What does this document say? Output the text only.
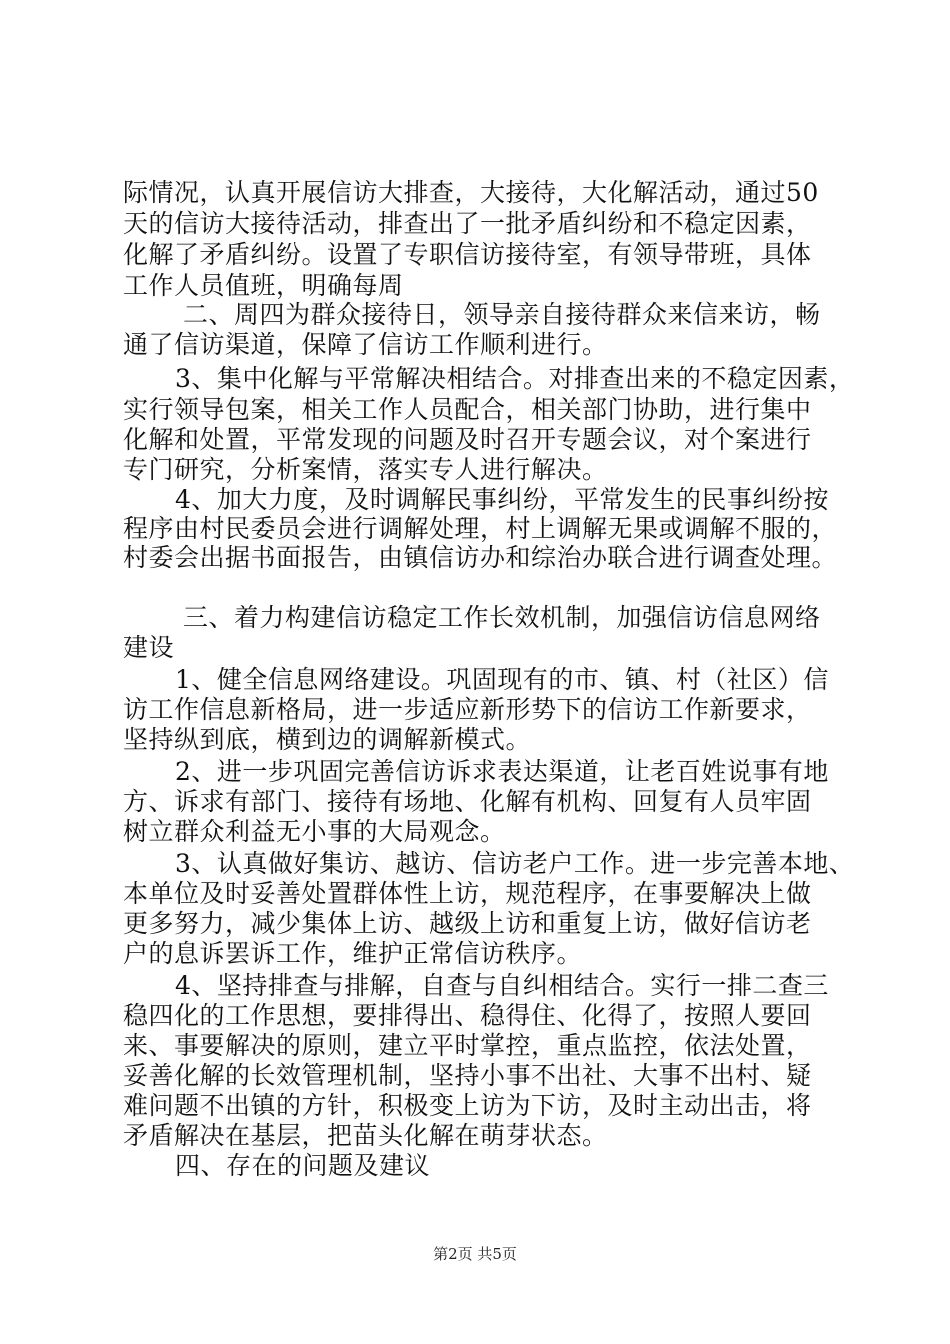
际情况，认真开展信访大排查，大接待，大化解活动，通过50
天的信访大接待活动，排查出了一批矛盾纠纷和不稳定因素，
化解了矛盾纠纷。设置了专职信访接待室，有领导带班，具体
工作人员值班，明确每周
二、周四为群众接待日，领导亲自接待群众来信来访，畅
通了信访渠道，保障了信访工作顺利进行。
3、集中化解与平常解决相结合。对排查出来的不稳定因素，
实行领导包案，相关工作人员配合，相关部门协助，进行集中
化解和处置，平常发现的问题及时召开专题会议，对个案进行
专门研究，分析案情，落实专人进行解决。
4、加大力度，及时调解民事纠纷，平常发生的民事纠纷按
程序由村民委员会进行调解处理，村上调解无果或调解不服的，
村委会出据书面报告，由镇信访办和综治办联合进行调查处理。
三、着力构建信访稳定工作长效机制，加强信访信息网络
建设
1、健全信息网络建设。巩固现有的市、镇、村（社区）信
访工作信息新格局，进一步适应新形势下的信访工作新要求，
坚持纵到底，横到边的调解新模式。
2、进一步巩固完善信访诉求表达渠道，让老百姓说事有地
方、诉求有部门、接待有场地、化解有机构、回复有人员牢固
树立群众利益无小事的大局观念。
3、认真做好集访、越访、信访老户工作。进一步完善本地、
本单位及时妥善处置群体性上访，规范程序，在事要解决上做
更多努力，减少集体上访、越级上访和重复上访，做好信访老
户的息诉罢诉工作，维护正常信访秩序。
4、坚持排查与排解，自查与自纠相结合。实行一排二查三
稳四化的工作思想，要排得出、稳得住、化得了，按照人要回
来、事要解决的原则，建立平时掌控，重点监控，依法处置，
妥善化解的长效管理机制，坚持小事不出社、大事不出村、疑
难问题不出镇的方针，积极变上访为下访，及时主动出击，将
矛盾解决在基层，把苗头化解在萌芽状态。
四、存在的问题及建议
第2页 共5页
